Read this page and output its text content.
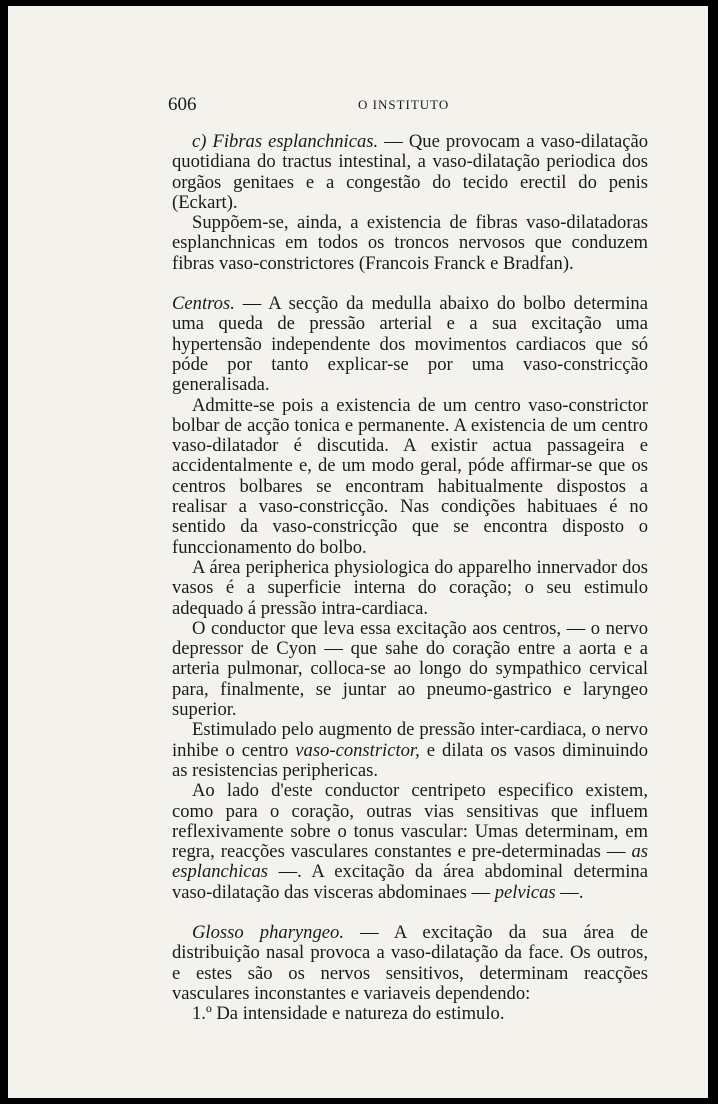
606	O INSTITUTO

c) Fibras esplanchnicas. — Que provocam a vaso-dilatação quotidiana do tractus intestinal, a vaso-dilatação periodica dos orgãos genitaes e a congestão do tecido erectil do penis (Eckart).

Suppõem-se, ainda, a existencia de fibras vaso-dilatadoras esplanchnicas em todos os troncos nervosos que conduzem fibras vaso-constrictores (Francois Franck e Bradfan).

Centros. — A secção da medulla abaixo do bolbo determina uma queda de pressão arterial e a sua excitação uma hypertensão independente dos movimentos cardiacos que só póde por tanto explicar-se por uma vaso-constricção generalisada.

Admitte-se pois a existencia de um centro vaso-constrictor bolbar de acção tonica e permanente. A existencia de um centro vaso-dilatador é discutida. A existir actua passageira e accidentalmente e, de um modo geral, póde affirmar-se que os centros bolbares se encontram habitualmente dispostos a realisar a vaso-constricção. Nas condições habituaes é no sentido da vaso-constricção que se encontra disposto o funccionamento do bolbo.

A área peripherica physiologica do apparelho innervador dos vasos é a superficie interna do coração; o seu estimulo adequado á pressão intra-cardiaca.

O conductor que leva essa excitação aos centros, — o nervo depressor de Cyon — que sahe do coração entre a aorta e a arteria pulmonar, colloca-se ao longo do sympathico cervical para, finalmente, se juntar ao pneumo-gastrico e laryngeo superior.

Estimulado pelo augmento de pressão inter-cardiaca, o nervo inhibe o centro vaso-constrictor, e dilata os vasos diminuindo as resistencias periphericas.

Ao lado d'este conductor centripeto especifico existem, como para o coração, outras vias sensitivas que influem reflexivamente sobre o tonus vascular: Umas determinam, em regra, reacções vasculares constantes e pre-determinadas — as esplanchicas —. A excitação da área abdominal determina vaso-dilatação das visceras abdominaes — pelvicas —.

Glosso pharyngeo. — A excitação da sua área de distribuição nasal provoca a vaso-dilatação da face. Os outros, e estes são os nervos sensitivos, determinam reacções vasculares inconstantes e variaveis dependendo:

1.º Da intensidade e natureza do estimulo.
